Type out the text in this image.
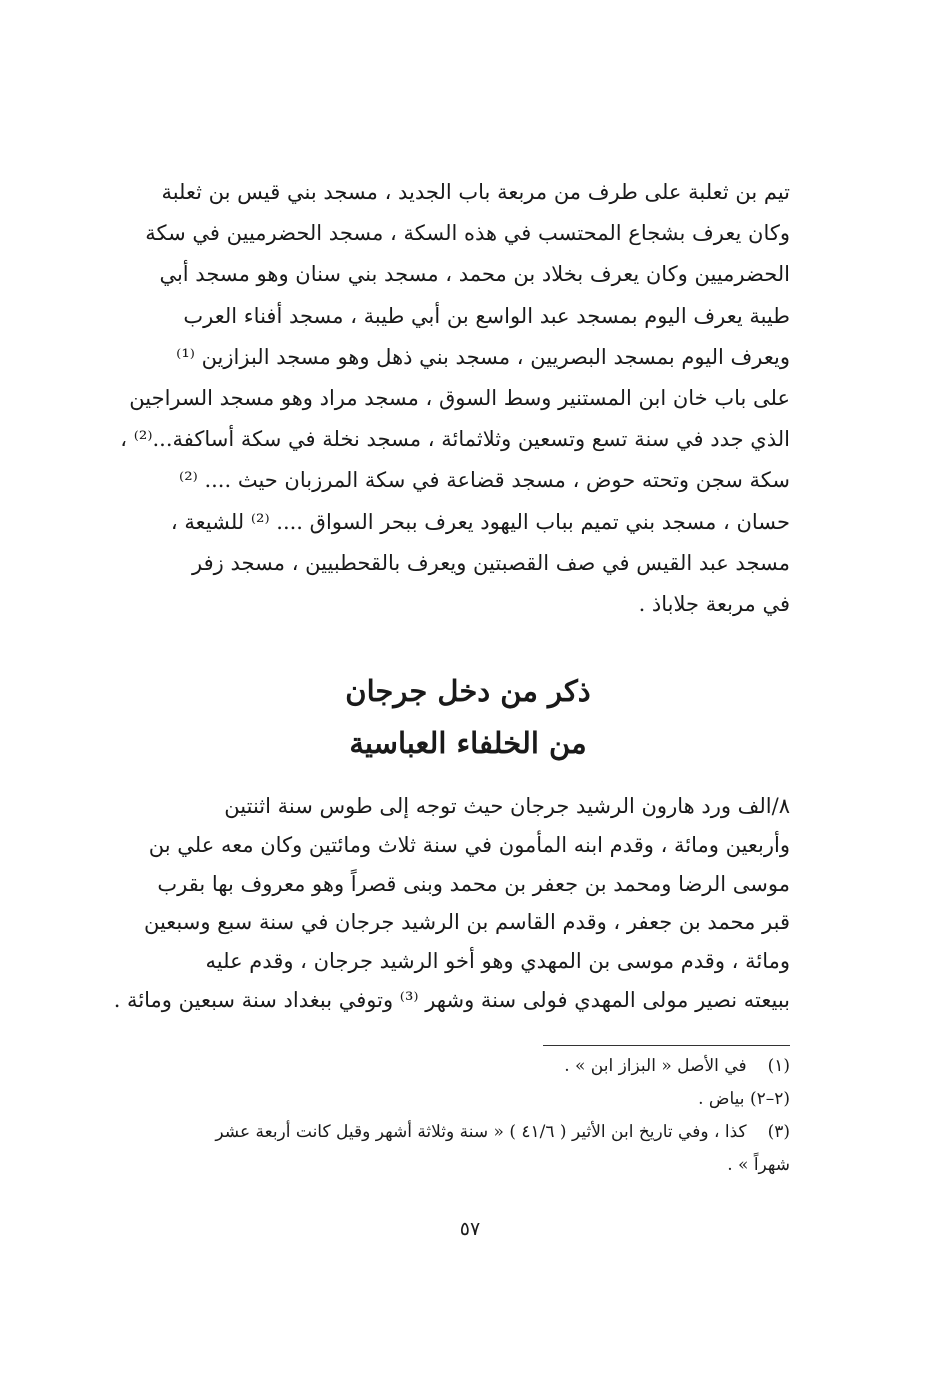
تيم بن ثعلبة على طرف من مربعة باب الجديد ، مسجد بني قيس بن ثعلبة
وكان يعرف بشجاع المحتسب في هذه السكة ، مسجد الحضرميين في سكة
الحضرميين وكان يعرف بخلاد بن محمد ، مسجد بني سنان وهو مسجد أبي
طيبة يعرف اليوم بمسجد عبد الواسع بن أبي طيبة ، مسجد أفناء العرب
ويعرف اليوم بمسجد البصريين ، مسجد بني ذهل وهو مسجد البزازين ⁽¹⁾
على باب خان ابن المستنير وسط السوق ، مسجد مراد وهو مسجد السراجين
الذي جدد في سنة تسع وتسعين وثلاثمائة ، مسجد نخلة في سكة أساكفة...⁽²⁾ ،
سكة سجن وتحته حوض ، مسجد قضاعة في سكة المرزبان حيث .... ⁽²⁾
حسان ، مسجد بني تميم بباب اليهود يعرف ببحر السواق .... ⁽²⁾ للشيعة ،
مسجد عبد القيس في صف القصبتين ويعرف بالقحطبيين ، مسجد زفر
في مربعة جلاباذ .
ذكر من دخل جرجان
من الخلفاء العباسية
٨/الف ورد هارون الرشيد جرجان حيث توجه إلى طوس سنة اثنتين
وأربعين ومائة ، وقدم ابنه المأمون في سنة ثلاث ومائتين وكان معه علي بن
موسى الرضا ومحمد بن جعفر بن محمد وبنى قصراً وهو معروف بها بقرب
قبر محمد بن جعفر ، وقدم القاسم بن الرشيد جرجان في سنة سبع وسبعين
ومائة ، وقدم موسى بن المهدي وهو أخو الرشيد جرجان ، وقدم عليه
ببيعته نصير مولى المهدي فولى سنة وشهر ⁽³⁾ وتوفي ببغداد سنة سبعين ومائة .
(١) في الأصل « البزاز ابن » .
(٢–٢) بياض .
(٣) كذا ، وفي تاريخ ابن الأثير ( ٤١/٦ ) « سنة وثلاثة أشهر وقيل كانت أربعة عشر
شهراً » .
٥٧
